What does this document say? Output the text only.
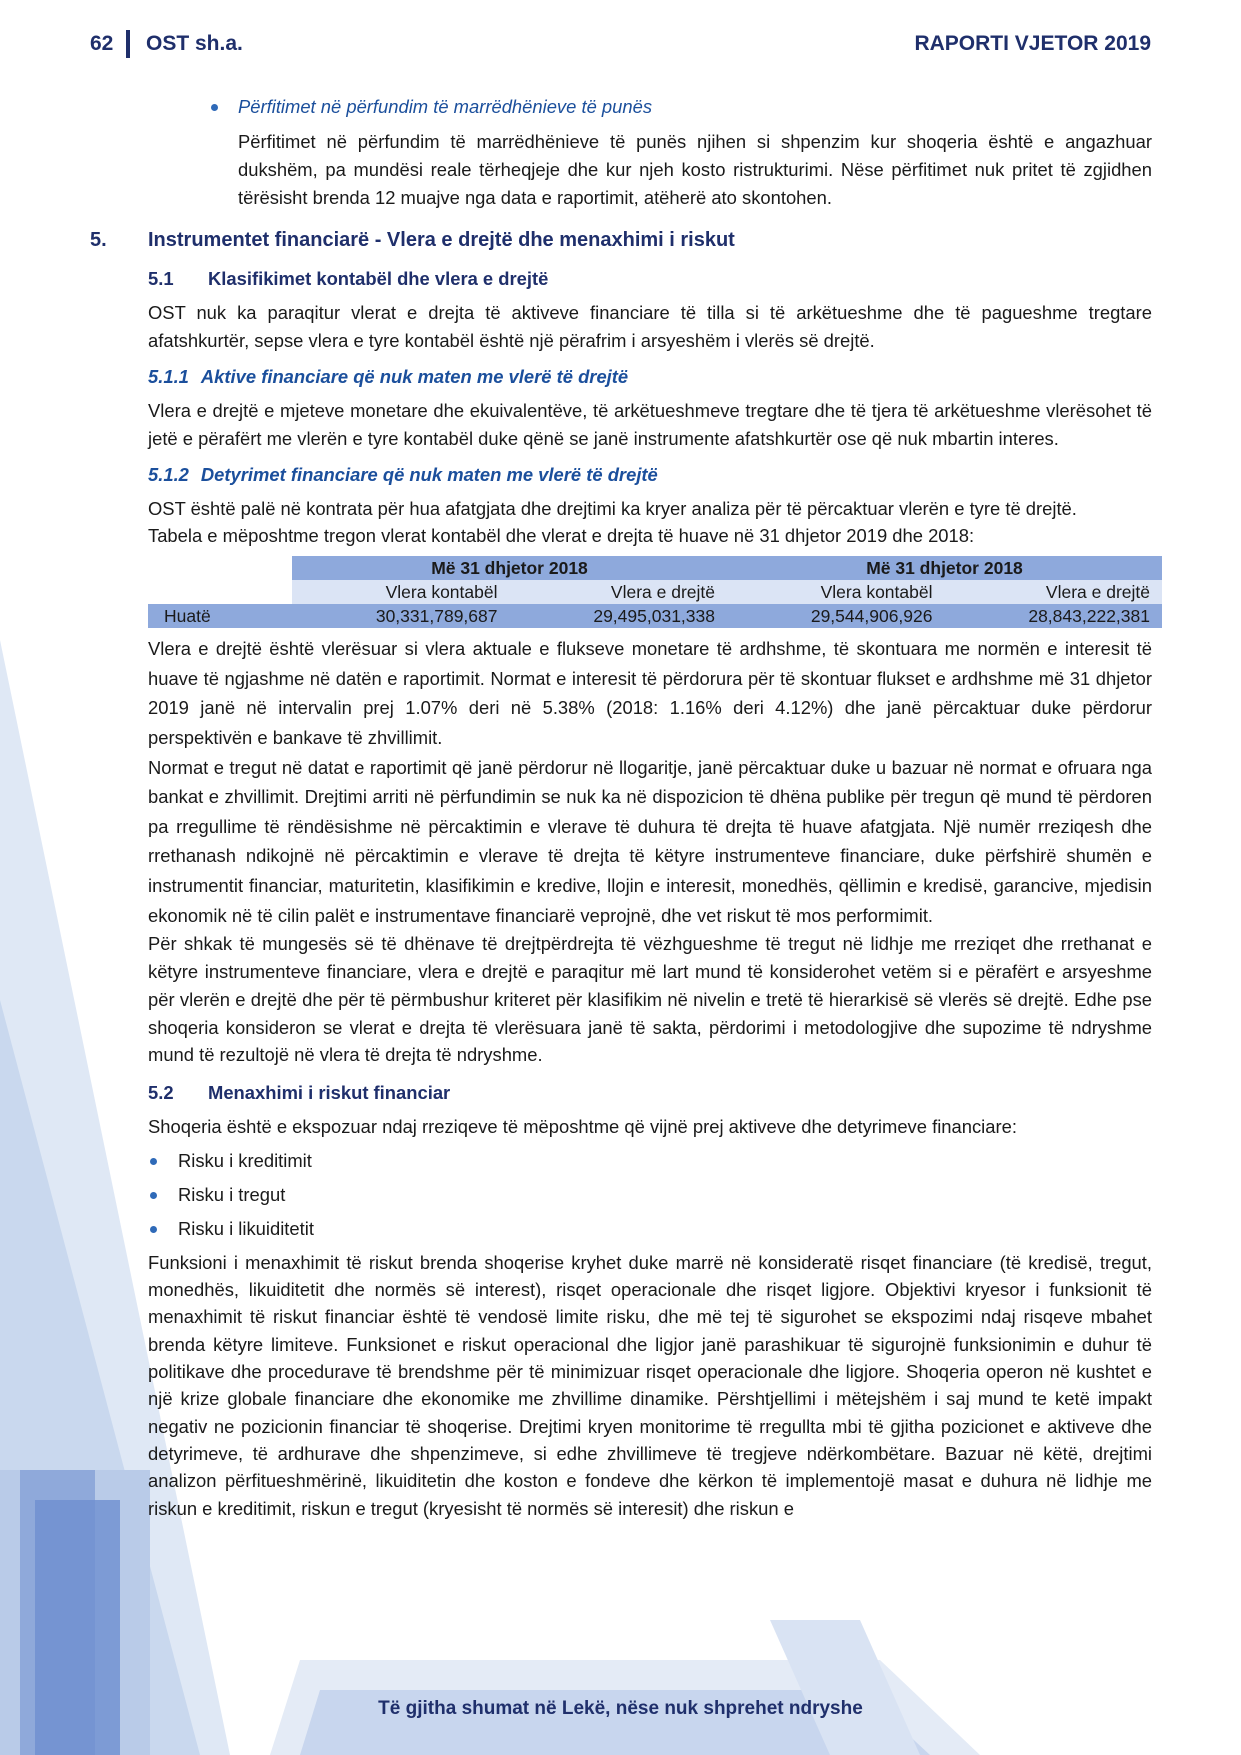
62 OST sh.a.	RAPORTI VJETOR 2019
Përfitimet në përfundim të marrëdhënieve të punës

Përfitimet në përfundim të marrëdhënieve të punës njihen si shpenzim kur shoqeria është e angazhuar dukshëm, pa mundësi reale tërheqjeje dhe kur njeh kosto ristrukturimi. Nëse përfitimet nuk pritet të zgjidhen tërësisht brenda 12 muajve nga data e raportimit, atëherë ato skontohen.

5. Instrumentet financiarë - Vlera e drejtë dhe menaxhimi i riskut
5.1 Klasifikimet kontabël dhe vlera e drejtë

OST nuk ka paraqitur vlerat e drejta të aktiveve financiare të tilla si të arkëtueshme dhe të pagueshme tregtare afatshkurtër, sepse vlera e tyre kontabël është një përafrim i arsyeshëm i vlerës së drejtë.

5.1.1 Aktive financiare që nuk maten me vlerë të drejtë

Vlera e drejtë e mjeteve monetare dhe ekuivalentëve, të arkëtueshmeve tregtare dhe të tjera të arkëtueshme vlerësohet të jetë e përafërt me vlerën e tyre kontabël duke qënë se janë instrumente afatshkurtër ose që nuk mbartin interes.

5.1.2 Detyrimet financiare që nuk maten me vlerë të drejtë

OST është palë në kontrata për hua afatgjata dhe drejtimi ka kryer analiza për të përcaktuar vlerën e tyre të drejtë.

Tabela e mëposhtme tregon vlerat kontabël dhe vlerat e drejta të huave në 31 dhjetor 2019 dhe 2018:

	Më 31 dhjetor 2018		Më 31 dhjetor 2018	
	Vlera kontabël	Vlera e drejtë	Vlera kontabël	Vlera e drejtë
Huatë	30,331,789,687	29,495,031,338	29,544,906,926	28,843,222,381

Vlera e drejtë është vlerësuar si vlera aktuale e flukseve monetare të ardhshme, të skontuara me normën e interesit të huave të ngjashme në datën e raportimit. Normat e interesit të përdorura për të skontuar flukset e ardhshme më 31 dhjetor 2019 janë në intervalin prej 1.07% deri në 5.38% (2018: 1.16% deri 4.12%) dhe janë përcaktuar duke përdorur perspektivën e bankave të zhvillimit.

Normat e tregut në datat e raportimit që janë përdorur në llogaritje, janë përcaktuar duke u bazuar në normat e ofruara nga bankat e zhvillimit. Drejtimi arriti në përfundimin se nuk ka në dispozicion të dhëna publike për tregun që mund të përdoren pa rregullime të rëndësishme në përcaktimin e vlerave të duhura të drejta të huave afatgjata. Një numër rreziqesh dhe rrethanash ndikojnë në përcaktimin e vlerave të drejta të këtyre instrumenteve financiare, duke përfshirë shumën e instrumentit financiar, maturitetin, klasifikimin e kredive, llojin e interesit, monedhës, qëllimin e kredisë, garancive, mjedisin ekonomik në të cilin palët e instrumentave financiarë veprojnë, dhe vet riskut të mos performimit.

Për shkak të mungesës së të dhënave të drejtpërdrejta të vëzhgueshme të tregut në lidhje me rreziqet dhe rrethanat e këtyre instrumenteve financiare, vlera e drejtë e paraqitur më lart mund të konsiderohet vetëm si e përafërt e arsyeshme për vlerën e drejtë dhe për të përmbushur kriteret për klasifikim në nivelin e tretë të hierarkisë së vlerës së drejtë. Edhe pse shoqeria konsideron se vlerat e drejta të vlerësuara janë të sakta, përdorimi i metodologjive dhe supozime të ndryshme mund të rezultojë në vlera të drejta të ndryshme.

5.2 Menaxhimi i riskut financiar

Shoqeria është e ekspozuar ndaj rreziqeve të mëposhtme që vijnë prej aktiveve dhe detyrimeve financiare:

Risku i kreditimit
Risku i tregut
Risku i likuiditetit

Funksioni i menaxhimit të riskut brenda shoqerise kryhet duke marrë në konsideratë risqet financiare (të kredisë, tregut, monedhës, likuiditetit dhe normës së interest), risqet operacionale dhe risqet ligjore. Objektivi kryesor i funksionit të menaxhimit të riskut financiar është të vendosë limite risku, dhe më tej të sigurohet se ekspozimi ndaj risqeve mbahet brenda këtyre limiteve. Funksionet e riskut operacional dhe ligjor janë parashikuar të sigurojnë funksionimin e duhur të politikave dhe procedurave të brendshme për të minimizuar risqet operacionale dhe ligjore. Shoqeria operon në kushtet e një krize globale financiare dhe ekonomike me zhvillime dinamike. Përshtjellimi i mëtejshëm i saj mund te ketë impakt negativ ne pozicionin financiar të shoqerise. Drejtimi kryen monitorime të rregullta mbi të gjitha pozicionet e aktiveve dhe detyrimeve, të ardhurave dhe shpenzimeve, si edhe zhvillimeve të tregjeve ndërkombëtare. Bazuar në këtë, drejtimi analizon përfitueshmërinë, likuiditetin dhe koston e fondeve dhe kërkon të implementojë masat e duhura në lidhje me riskun e kreditimit, riskun e tregut (kryesisht të normës së interesit) dhe riskun e

Të gjitha shumat në Lekë, nëse nuk shprehet ndryshe
